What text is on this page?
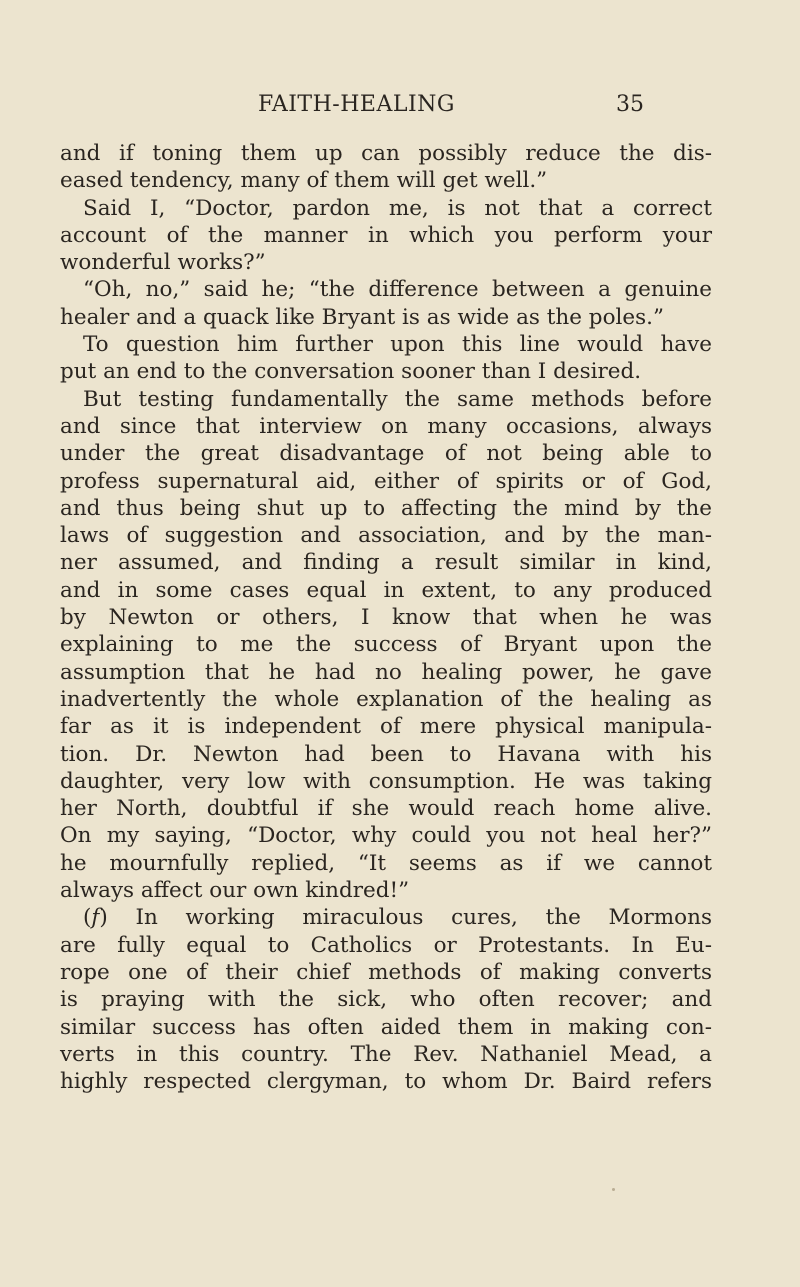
FAITH-HEALING	35
and if toning them up can possibly reduce the dis-
eased tendency, many of them will get well.”
Said I, “Doctor, pardon me, is not that a correct
account of the manner in which you perform your
wonderful works?”
“Oh, no,” said he; “the difference between a genuine
healer and a quack like Bryant is as wide as the poles.”
To question him further upon this line would have
put an end to the conversation sooner than I desired.
But testing fundamentally the same methods before
and since that interview on many occasions, always
under the great disadvantage of not being able to
profess supernatural aid, either of spirits or of God,
and thus being shut up to affecting the mind by the
laws of suggestion and association, and by the man-
ner assumed, and finding a result similar in kind,
and in some cases equal in extent, to any produced
by Newton or others, I know that when he was
explaining to me the success of Bryant upon the
assumption that he had no healing power, he gave
inadvertently the whole explanation of the healing as
far as it is independent of mere physical manipula-
tion. Dr. Newton had been to Havana with his
daughter, very low with consumption. He was taking
her North, doubtful if she would reach home alive.
On my saying, “Doctor, why could you not heal her?”
he mournfully replied, “It seems as if we cannot
always affect our own kindred!”
(f) In working miraculous cures, the Mormons
are fully equal to Catholics or Protestants. In Eu-
rope one of their chief methods of making converts
is praying with the sick, who often recover; and
similar success has often aided them in making con-
verts in this country. The Rev. Nathaniel Mead, a
highly respected clergyman, to whom Dr. Baird refers
